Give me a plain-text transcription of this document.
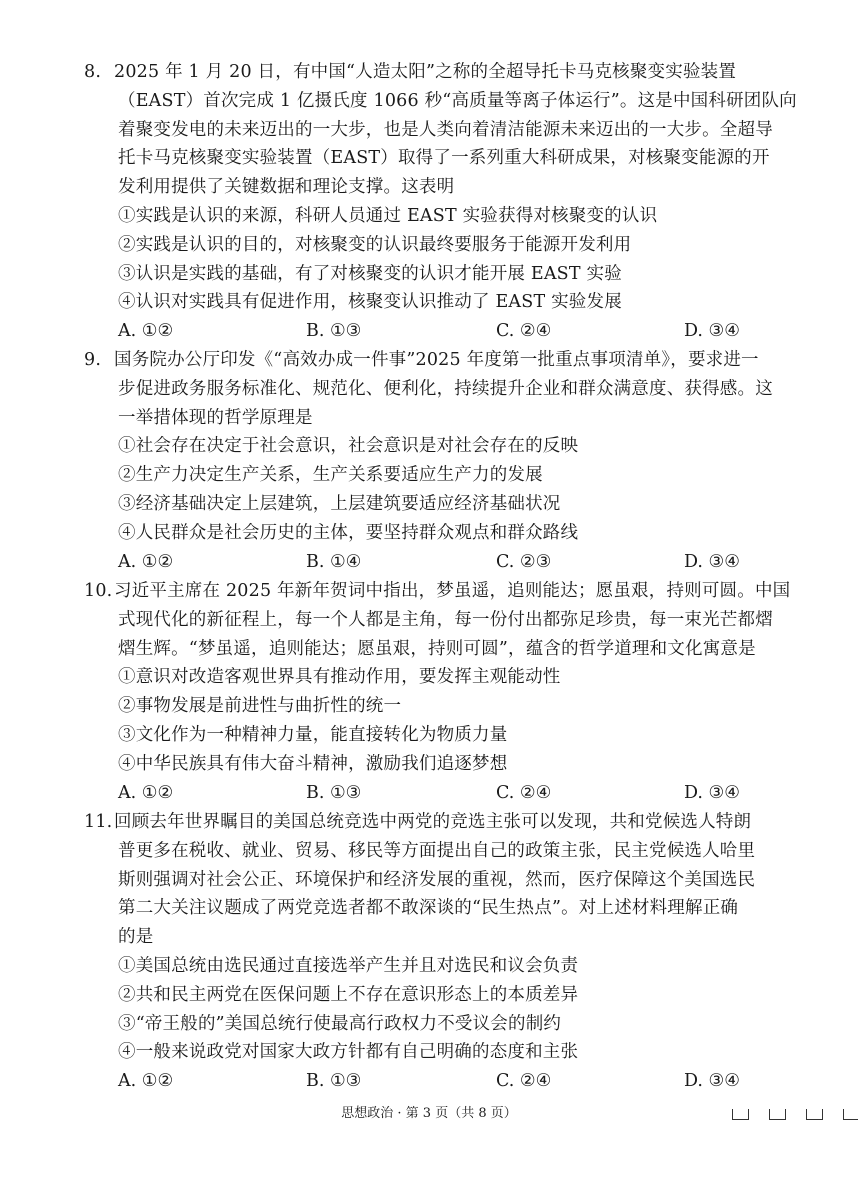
8. 2025 年 1 月 20 日，有中国“人造太阳”之称的全超导托卡马克核聚变实验装置
（EAST）首次完成 1 亿摄氏度 1066 秒“高质量等离子体运行”。这是中国科研团队向
着聚变发电的未来迈出的一大步，也是人类向着清洁能源未来迈出的一大步。全超导
托卡马克核聚变实验装置（EAST）取得了一系列重大科研成果，对核聚变能源的开
发利用提供了关键数据和理论支撑。这表明
①实践是认识的来源，科研人员通过 EAST 实验获得对核聚变的认识
②实践是认识的目的，对核聚变的认识最终要服务于能源开发利用
③认识是实践的基础，有了对核聚变的认识才能开展 EAST 实验
④认识对实践具有促进作用，核聚变认识推动了 EAST 实验发展
A. ①②	B. ①③	C. ②④	D. ③④
9. 国务院办公厅印发《“高效办成一件事”2025 年度第一批重点事项清单》，要求进一
步促进政务服务标准化、规范化、便利化，持续提升企业和群众满意度、获得感。这
一举措体现的哲学原理是
①社会存在决定于社会意识，社会意识是对社会存在的反映
②生产力决定生产关系，生产关系要适应生产力的发展
③经济基础决定上层建筑，上层建筑要适应经济基础状况
④人民群众是社会历史的主体，要坚持群众观点和群众路线
A. ①②	B. ①④	C. ②③	D. ③④
10. 习近平主席在 2025 年新年贺词中指出，梦虽遥，追则能达；愿虽艰，持则可圆。中国
式现代化的新征程上，每一个人都是主角，每一份付出都弥足珍贵，每一束光芒都熠
熠生辉。“梦虽遥，追则能达；愿虽艰，持则可圆”，蕴含的哲学道理和文化寓意是
①意识对改造客观世界具有推动作用，要发挥主观能动性
②事物发展是前进性与曲折性的统一
③文化作为一种精神力量，能直接转化为物质力量
④中华民族具有伟大奋斗精神，激励我们追逐梦想
A. ①②	B. ①③	C. ②④	D. ③④
11. 回顾去年世界瞩目的美国总统竞选中两党的竞选主张可以发现，共和党候选人特朗
普更多在税收、就业、贸易、移民等方面提出自己的政策主张，民主党候选人哈里
斯则强调对社会公正、环境保护和经济发展的重视，然而，医疗保障这个美国选民
第二大关注议题成了两党竞选者都不敢深谈的“民生热点”。对上述材料理解正确
的是
①美国总统由选民通过直接选举产生并且对选民和议会负责
②共和民主两党在医保问题上不存在意识形态上的本质差异
③“帝王般的”美国总统行使最高行政权力不受议会的制约
④一般来说政党对国家大政方针都有自己明确的态度和主张
A. ①②	B. ①③	C. ②④	D. ③④
思想政治 · 第 3 页（共 8 页）
